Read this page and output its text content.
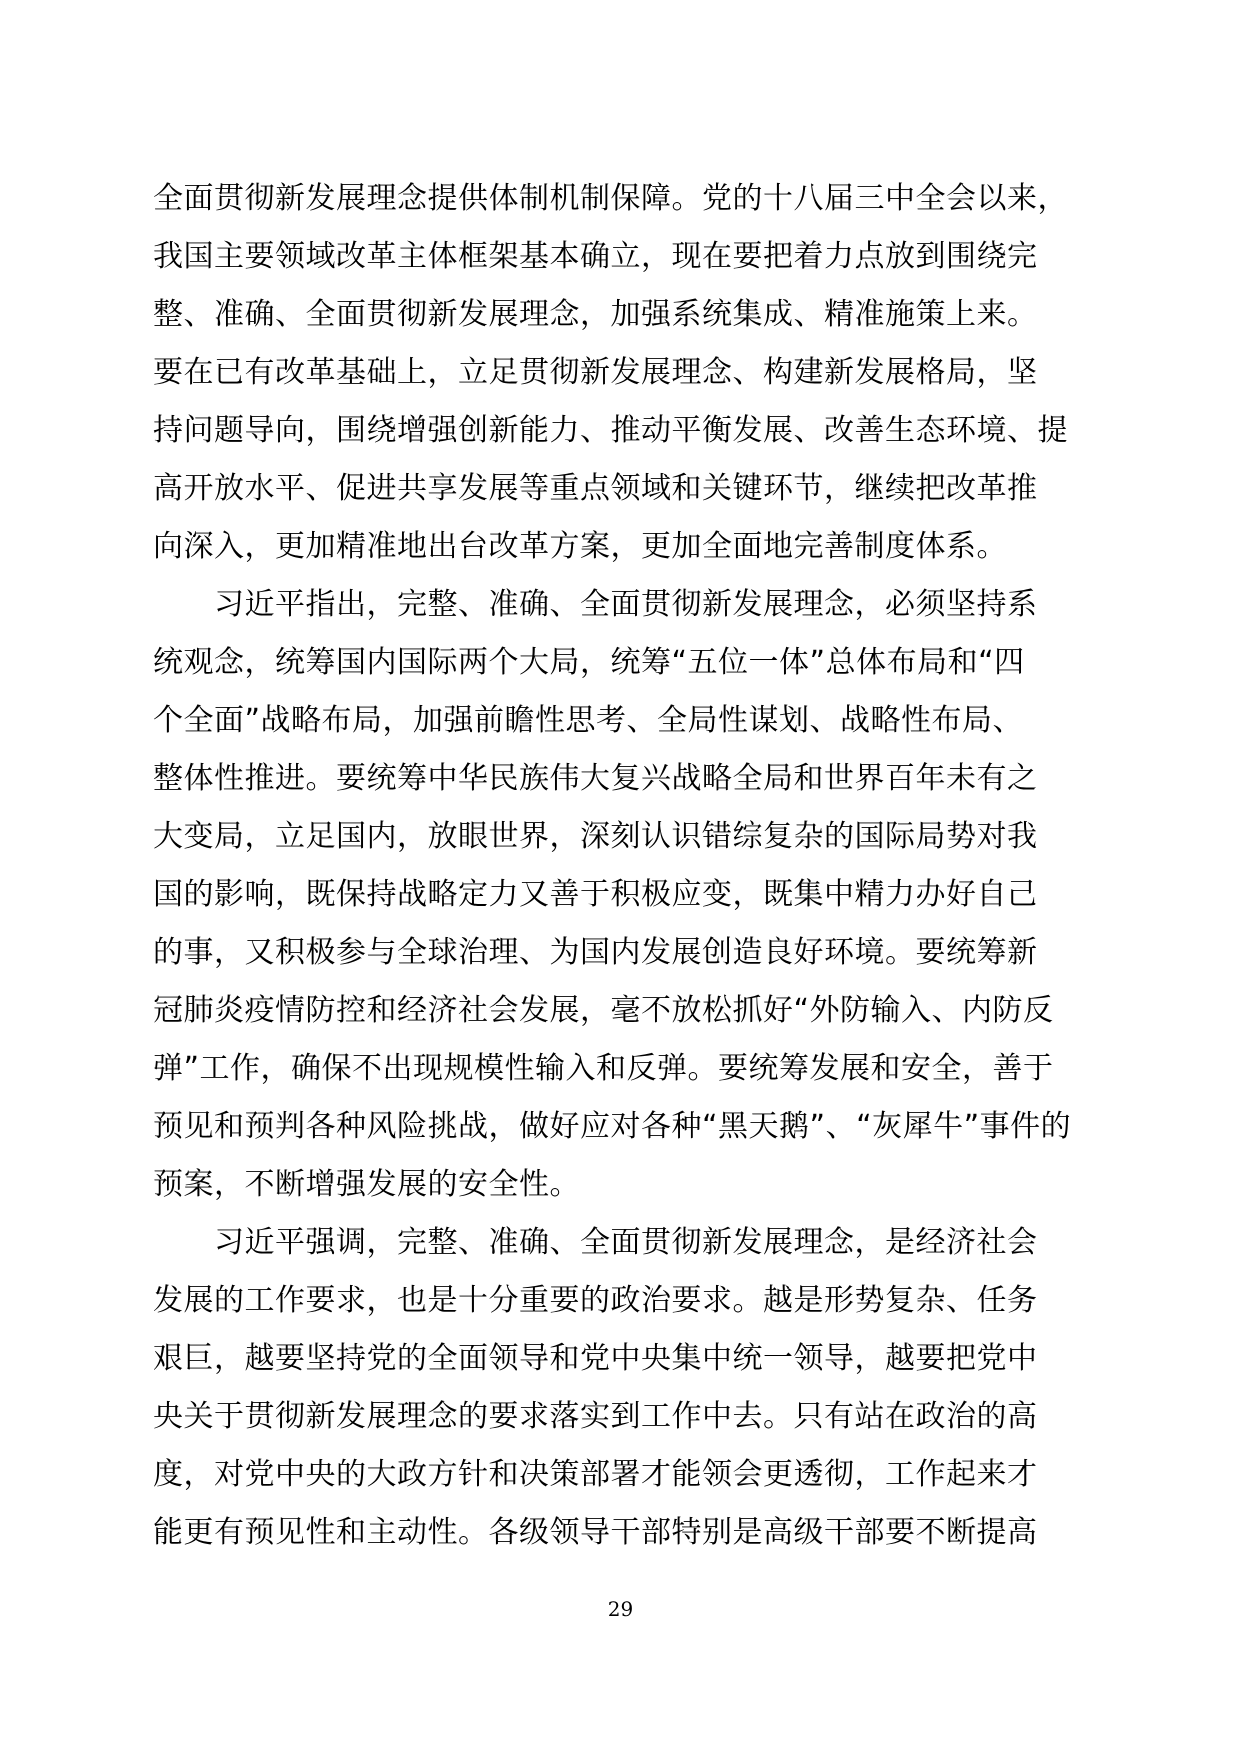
全面贯彻新发展理念提供体制机制保障。党的十八届三中全会以来，
我国主要领域改革主体框架基本确立，现在要把着力点放到围绕完
整、准确、全面贯彻新发展理念，加强系统集成、精准施策上来。
要在已有改革基础上，立足贯彻新发展理念、构建新发展格局，坚
持问题导向，围绕增强创新能力、推动平衡发展、改善生态环境、提
高开放水平、促进共享发展等重点领域和关键环节，继续把改革推
向深入，更加精准地出台改革方案，更加全面地完善制度体系。
　　习近平指出，完整、准确、全面贯彻新发展理念，必须坚持系
统观念，统筹国内国际两个大局，统筹“五位一体”总体布局和“四
个全面”战略布局，加强前瞻性思考、全局性谋划、战略性布局、
整体性推进。要统筹中华民族伟大复兴战略全局和世界百年未有之
大变局，立足国内，放眼世界，深刻认识错综复杂的国际局势对我
国的影响，既保持战略定力又善于积极应变，既集中精力办好自己
的事，又积极参与全球治理、为国内发展创造良好环境。要统筹新
冠肺炎疫情防控和经济社会发展，毫不放松抓好“外防输入、内防反
弹”工作，确保不出现规模性输入和反弹。要统筹发展和安全，善于
预见和预判各种风险挑战，做好应对各种“黑天鹅”、“灰犀牛”事件的
预案，不断增强发展的安全性。
　　习近平强调，完整、准确、全面贯彻新发展理念，是经济社会
发展的工作要求，也是十分重要的政治要求。越是形势复杂、任务
艰巨，越要坚持党的全面领导和党中央集中统一领导，越要把党中
央关于贯彻新发展理念的要求落实到工作中去。只有站在政治的高
度，对党中央的大政方针和决策部署才能领会更透彻，工作起来才
能更有预见性和主动性。各级领导干部特别是高级干部要不断提高
29
